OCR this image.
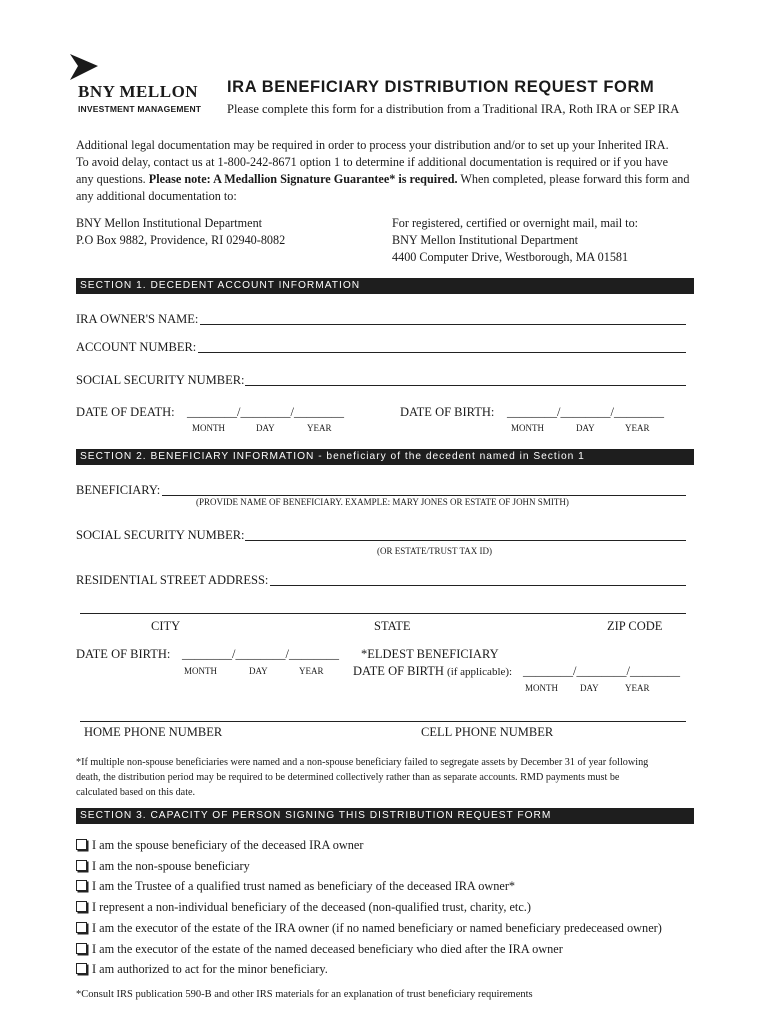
BNY MELLON
INVESTMENT MANAGEMENT
IRA BENEFICIARY DISTRIBUTION REQUEST FORM
Please complete this form for a distribution from a Traditional IRA, Roth IRA or SEP IRA
Additional legal documentation may be required in order to process your distribution and/or to set up your Inherited IRA.
To avoid delay, contact us at 1-800-242-8671 option 1 to determine if additional documentation is required or if you have
any questions. Please note: A Medallion Signature Guarantee* is required. When completed, please forward this form and
any additional documentation to:
BNY Mellon Institutional Department
P.O Box 9882, Providence, RI 02940-8082
For registered, certified or overnight mail, mail to:
BNY Mellon Institutional Department
4400 Computer Drive, Westborough, MA 01581
SECTION 1. DECEDENT ACCOUNT INFORMATION
IRA OWNER'S NAME:
ACCOUNT NUMBER:
SOCIAL SECURITY NUMBER:
DATE OF DEATH: ________/________/________
MONTH	DAY	YEAR
DATE OF BIRTH: ________/________/________
MONTH	DAY	YEAR
SECTION 2. BENEFICIARY INFORMATION - beneficiary of the decedent named in Section 1
BENEFICIARY:
(PROVIDE NAME OF BENEFICIARY. EXAMPLE: MARY JONES OR ESTATE OF JOHN SMITH)
SOCIAL SECURITY NUMBER:
(OR ESTATE/TRUST TAX ID)
RESIDENTIAL STREET ADDRESS:
CITY	STATE	ZIP CODE
DATE OF BIRTH: ________/________/________
MONTH	DAY	YEAR
*ELDEST BENEFICIARY
DATE OF BIRTH (if applicable): ________/________/________
MONTH DAY	YEAR
HOME PHONE NUMBER	CELL PHONE NUMBER
*If multiple non-spouse beneficiaries were named and a non-spouse beneficiary failed to segregate assets by December 31 of year following
death, the distribution period may be required to be determined collectively rather than as separate accounts. RMD payments must be
calculated based on this date.
SECTION 3. CAPACITY OF PERSON SIGNING THIS DISTRIBUTION REQUEST FORM
I am the spouse beneficiary of the deceased IRA owner
I am the non-spouse beneficiary
I am the Trustee of a qualified trust named as beneficiary of the deceased IRA owner*
I represent a non-individual beneficiary of the deceased (non-qualified trust, charity, etc.)
I am the executor of the estate of the IRA owner (if no named beneficiary or named beneficiary predeceased owner)
I am the executor of the estate of the named deceased beneficiary who died after the IRA owner
I am authorized to act for the minor beneficiary.
*Consult IRS publication 590-B and other IRS materials for an explanation of trust beneficiary requirements
